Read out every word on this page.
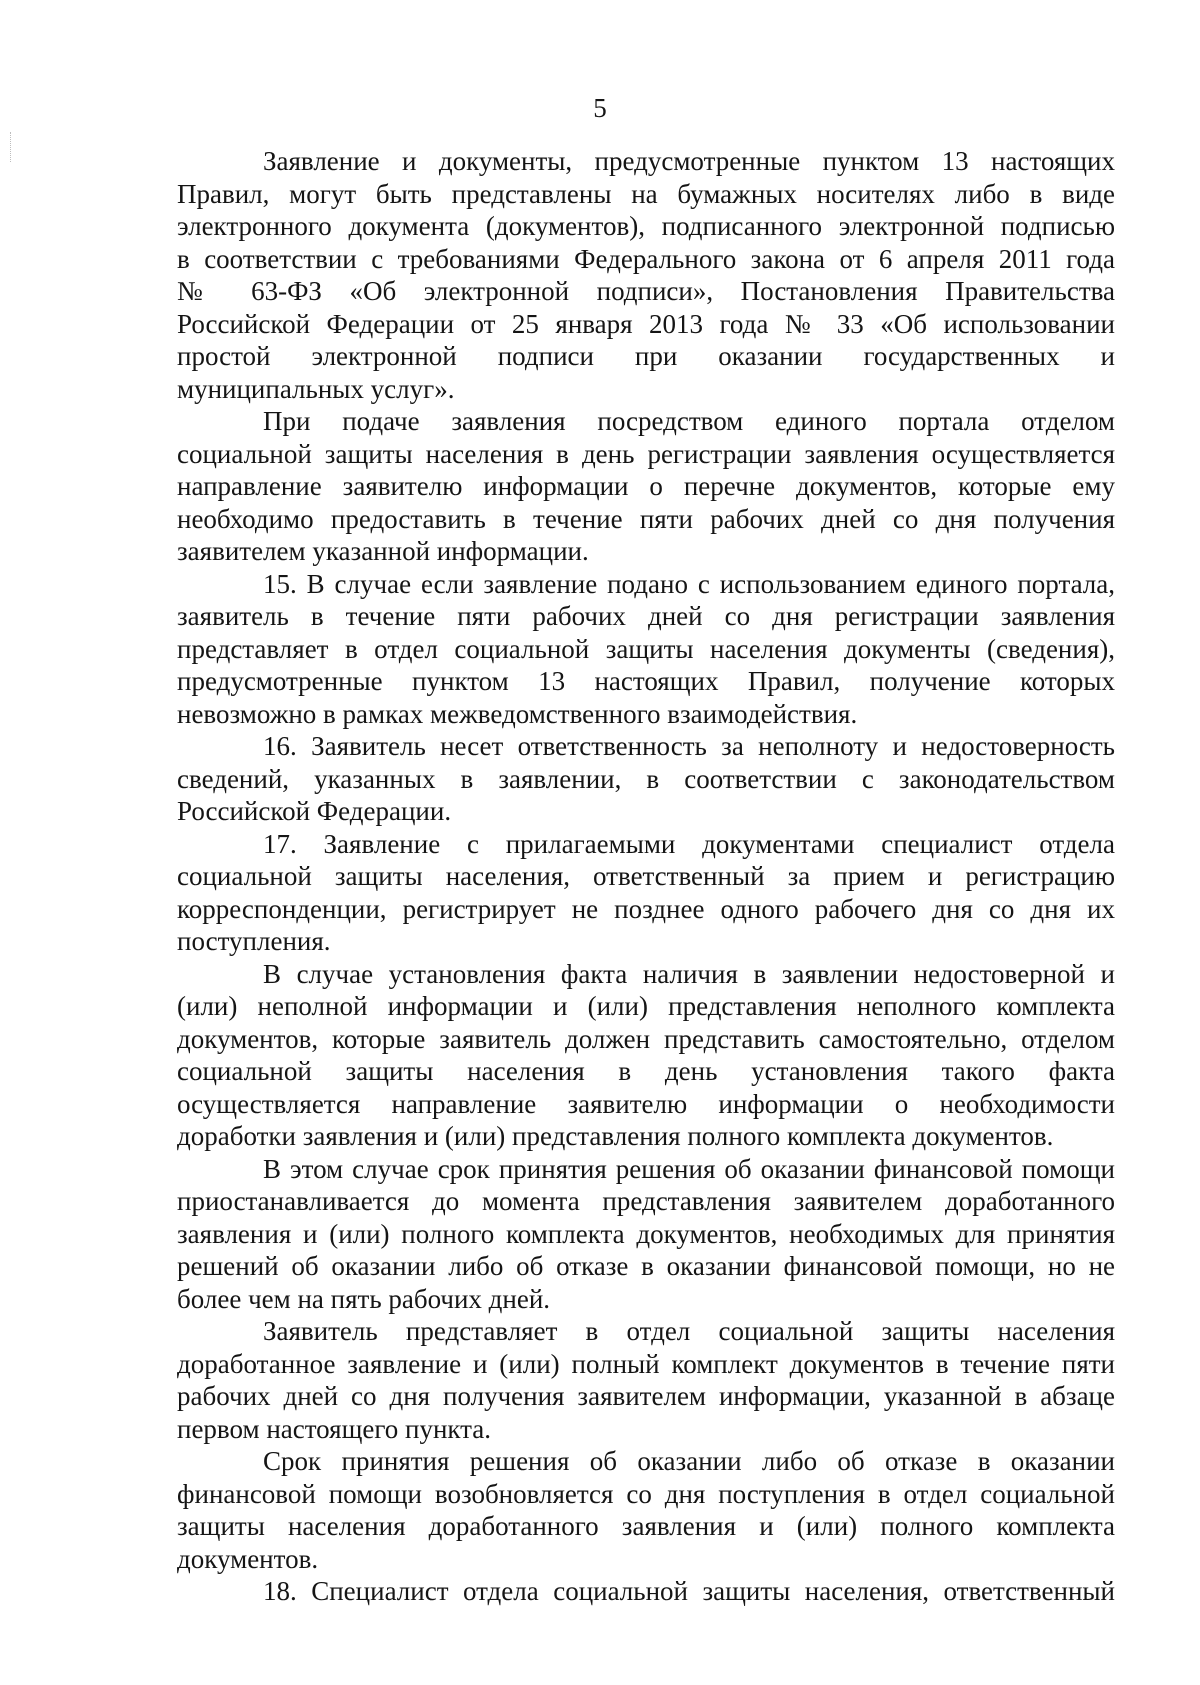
5
Заявление и документы, предусмотренные пунктом 13 настоящих
Правил, могут быть представлены на бумажных носителях либо в виде
электронного документа (документов), подписанного электронной подписью
в соответствии с требованиями Федерального закона от 6 апреля 2011 года
№ 63-ФЗ «Об электронной подписи», Постановления Правительства
Российской Федерации от 25 января 2013 года № 33 «Об использовании
простой электронной подписи при оказании государственных и
муниципальных услуг».
При подаче заявления посредством единого портала отделом
социальной защиты населения в день регистрации заявления осуществляется
направление заявителю информации о перечне документов, которые ему
необходимо предоставить в течение пяти рабочих дней со дня получения
заявителем указанной информации.
15. В случае если заявление подано с использованием единого портала,
заявитель в течение пяти рабочих дней со дня регистрации заявления
представляет в отдел социальной защиты населения документы (сведения),
предусмотренные пунктом 13 настоящих Правил, получение которых
невозможно в рамках межведомственного взаимодействия.
16. Заявитель несет ответственность за неполноту и недостоверность
сведений, указанных в заявлении, в соответствии с законодательством
Российской Федерации.
17. Заявление с прилагаемыми документами специалист отдела
социальной защиты населения, ответственный за прием и регистрацию
корреспонденции, регистрирует не позднее одного рабочего дня со дня их
поступления.
В случае установления факта наличия в заявлении недостоверной и
(или) неполной информации и (или) представления неполного комплекта
документов, которые заявитель должен представить самостоятельно, отделом
социальной защиты населения в день установления такого факта
осуществляется направление заявителю информации о необходимости
доработки заявления и (или) представления полного комплекта документов.
В этом случае срок принятия решения об оказании финансовой помощи
приостанавливается до момента представления заявителем доработанного
заявления и (или) полного комплекта документов, необходимых для принятия
решений об оказании либо об отказе в оказании финансовой помощи, но не
более чем на пять рабочих дней.
Заявитель представляет в отдел социальной защиты населения
доработанное заявление и (или) полный комплект документов в течение пяти
рабочих дней со дня получения заявителем информации, указанной в абзаце
первом настоящего пункта.
Срок принятия решения об оказании либо об отказе в оказании
финансовой помощи возобновляется со дня поступления в отдел социальной
защиты населения доработанного заявления и (или) полного комплекта
документов.
18. Специалист отдела социальной защиты населения, ответственный
